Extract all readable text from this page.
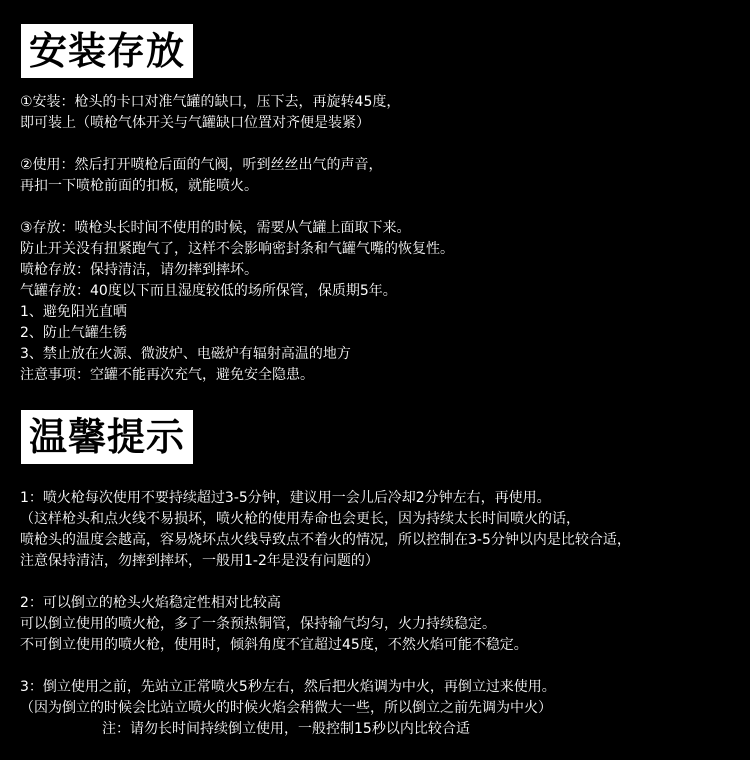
安装存放
①安装：枪头的卡口对准气罐的缺口，压下去，再旋转45度，
即可装上（喷枪气体开关与气罐缺口位置对齐便是装紧）
②使用：然后打开喷枪后面的气阀，听到丝丝出气的声音，
再扣一下喷枪前面的扣板，就能喷火。
③存放：喷枪头长时间不使用的时候，需要从气罐上面取下来。
防止开关没有扭紧跑气了，这样不会影响密封条和气罐气嘴的恢复性。
喷枪存放：保持清洁，请勿摔到摔坏。
气罐存放：40度以下而且湿度较低的场所保管，保质期5年。
1、避免阳光直晒
2、防止气罐生锈
3、禁止放在火源、微波炉、电磁炉有辐射高温的地方
注意事项：空罐不能再次充气，避免安全隐患。
温馨提示
1：喷火枪每次使用不要持续超过3-5分钟，建议用一会儿后冷却2分钟左右，再使用。
（这样枪头和点火线不易损坏，喷火枪的使用寿命也会更长，因为持续太长时间喷火的话，
喷枪头的温度会越高，容易烧坏点火线导致点不着火的情况，所以控制在3-5分钟以内是比较合适，
注意保持清洁，勿摔到摔坏，一般用1-2年是没有问题的）
2：可以倒立的枪头火焰稳定性相对比较高
可以倒立使用的喷火枪，多了一条预热铜管，保持输气均匀，火力持续稳定。
不可倒立使用的喷火枪，使用时，倾斜角度不宜超过45度，不然火焰可能不稳定。
3：倒立使用之前，先站立正常喷火5秒左右，然后把火焰调为中火，再倒立过来使用。
（因为倒立的时候会比站立喷火的时候火焰会稍微大一些，所以倒立之前先调为中火）
注：请勿长时间持续倒立使用，一般控制15秒以内比较合适
